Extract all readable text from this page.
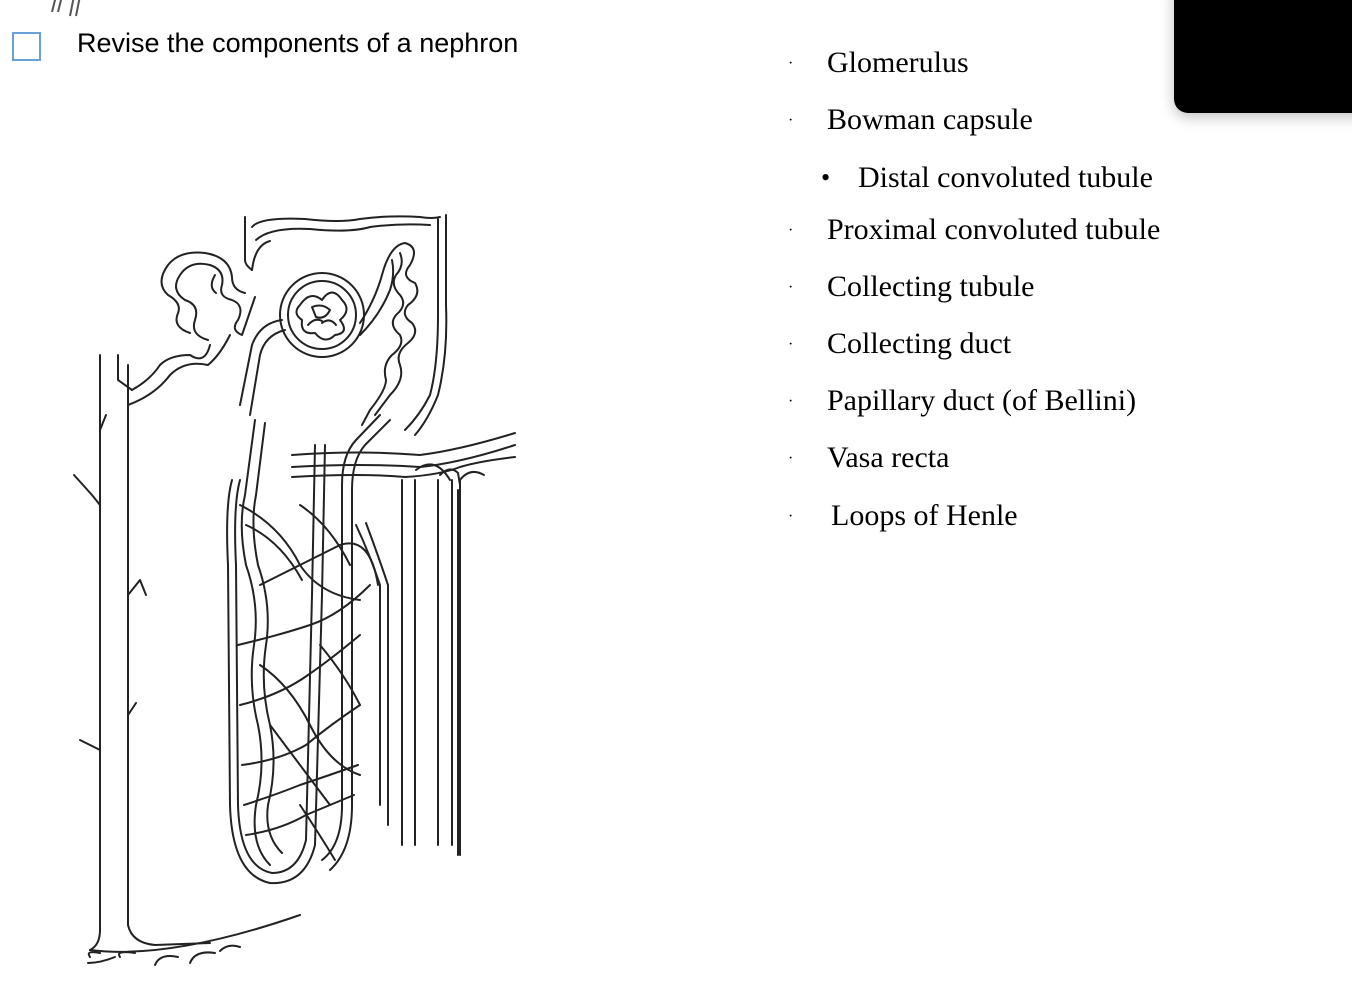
Revise the components of a nephron
· Glomerulus
· Bowman capsule
• Distal convoluted tubule
· Proximal convoluted tubule
· Collecting tubule
· Collecting duct
· Papillary duct (of Bellini)
· Vasa recta
· Loops of Henle
